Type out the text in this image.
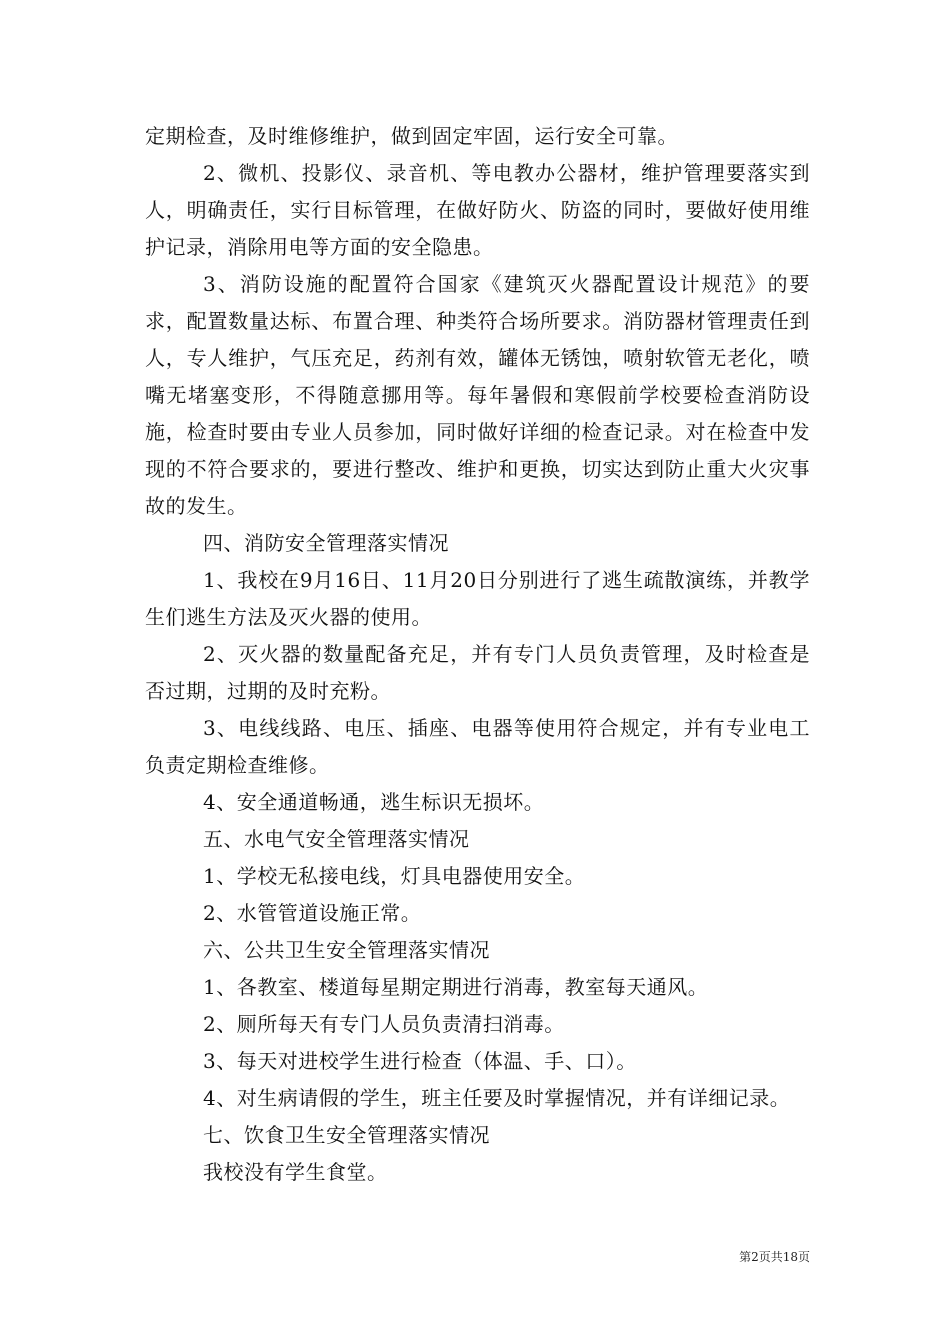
定期检查，及时维修维护，做到固定牢固，运行安全可靠。

2、微机、投影仪、录音机、等电教办公器材，维护管理要落实到人，明确责任，实行目标管理，在做好防火、防盗的同时，要做好使用维护记录，消除用电等方面的安全隐患。

3、消防设施的配置符合国家《建筑灭火器配置设计规范》的要求，配置数量达标、布置合理、种类符合场所要求。消防器材管理责任到人，专人维护，气压充足，药剂有效，罐体无锈蚀，喷射软管无老化，喷嘴无堵塞变形，不得随意挪用等。每年暑假和寒假前学校要检查消防设施，检查时要由专业人员参加，同时做好详细的检查记录。对在检查中发现的不符合要求的，要进行整改、维护和更换，切实达到防止重大火灾事故的发生。

四、消防安全管理落实情况

1、我校在9月16日、11月20日分别进行了逃生疏散演练，并教学生们逃生方法及灭火器的使用。

2、灭火器的数量配备充足，并有专门人员负责管理，及时检查是否过期，过期的及时充粉。

3、电线线路、电压、插座、电器等使用符合规定，并有专业电工负责定期检查维修。

4、安全通道畅通，逃生标识无损坏。

五、水电气安全管理落实情况

1、学校无私接电线，灯具电器使用安全。

2、水管管道设施正常。

六、公共卫生安全管理落实情况

1、各教室、楼道每星期定期进行消毒，教室每天通风。

2、厕所每天有专门人员负责清扫消毒。

3、每天对进校学生进行检查（体温、手、口）。

4、对生病请假的学生，班主任要及时掌握情况，并有详细记录。

七、饮食卫生安全管理落实情况

我校没有学生食堂。

第2页共18页
